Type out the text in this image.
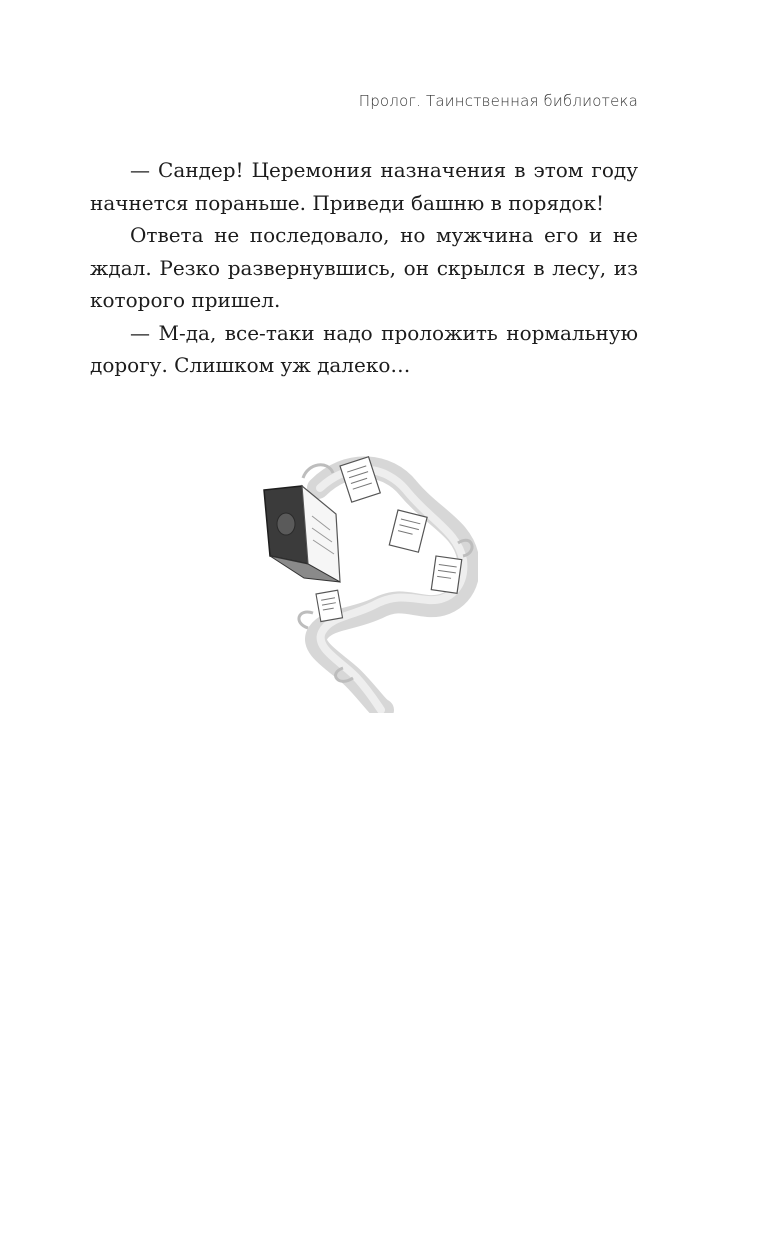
Пролог. Таинственная библиотека

— Сандер! Церемония назначения в этом году начнется пораньше. Приведи башню в порядок!

Ответа не последовало, но мужчина его и не ждал. Резко развернувшись, он скрылся в лесу, из которого пришел.

— М-да, все-таки надо проложить нормальную дорогу. Слишком уж далеко…
